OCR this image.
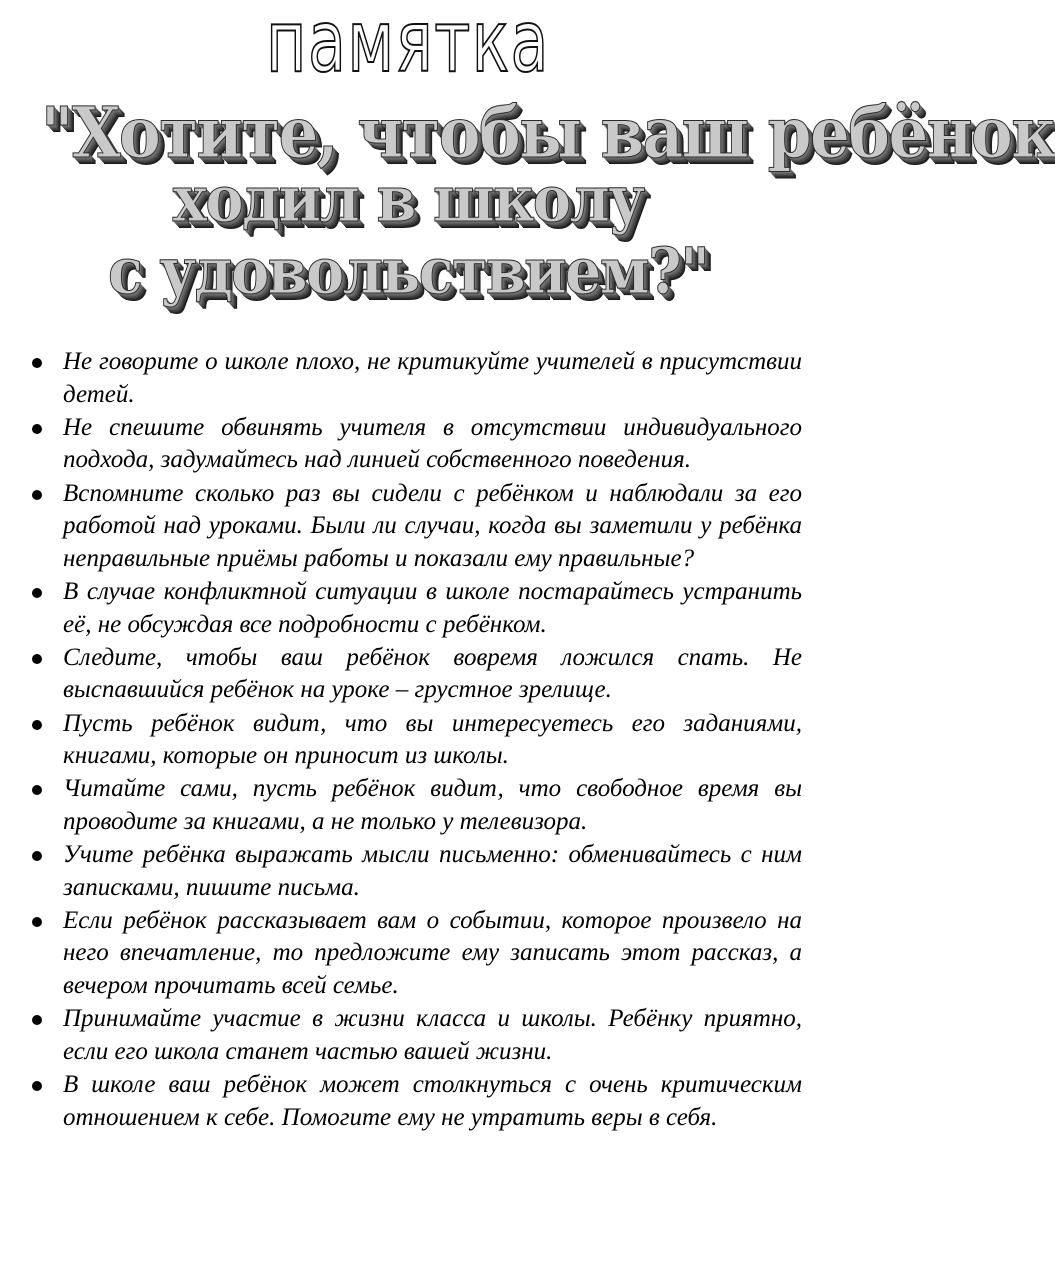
памятка
"Хотите, чтобы ваш ребёнок
ходил в школу
с удовольствием?"
Не говорите о школе плохо, не критикуйте учителей в присутствии детей.
Не спешите обвинять учителя в отсутствии индивидуального подхода, задумайтесь над линией собственного поведения.
Вспомните сколько раз вы сидели с ребёнком и наблюдали за его работой над уроками. Были ли случаи, когда вы заметили у ребёнка неправильные приёмы работы и показали ему правильные?
В случае конфликтной ситуации в школе постарайтесь устранить её, не обсуждая все подробности с ребёнком.
Следите, чтобы ваш ребёнок вовремя ложился спать. Не выспавшийся ребёнок на уроке – грустное зрелище.
Пусть ребёнок видит, что вы интересуетесь его заданиями, книгами, которые он приносит из школы.
Читайте сами, пусть ребёнок видит, что свободное время вы проводите за книгами, а не только у телевизора.
Учите ребёнка выражать мысли письменно: обменивайтесь с ним записками, пишите письма.
Если ребёнок рассказывает вам о событии, которое произвело на него впечатление, то предложите ему записать этот рассказ, а вечером прочитать всей семье.
Принимайте участие в жизни класса и школы. Ребёнку приятно, если его школа станет частью вашей жизни.
В школе ваш ребёнок может столкнуться с очень критическим отношением к себе. Помогите ему не утратить веры в себя.
